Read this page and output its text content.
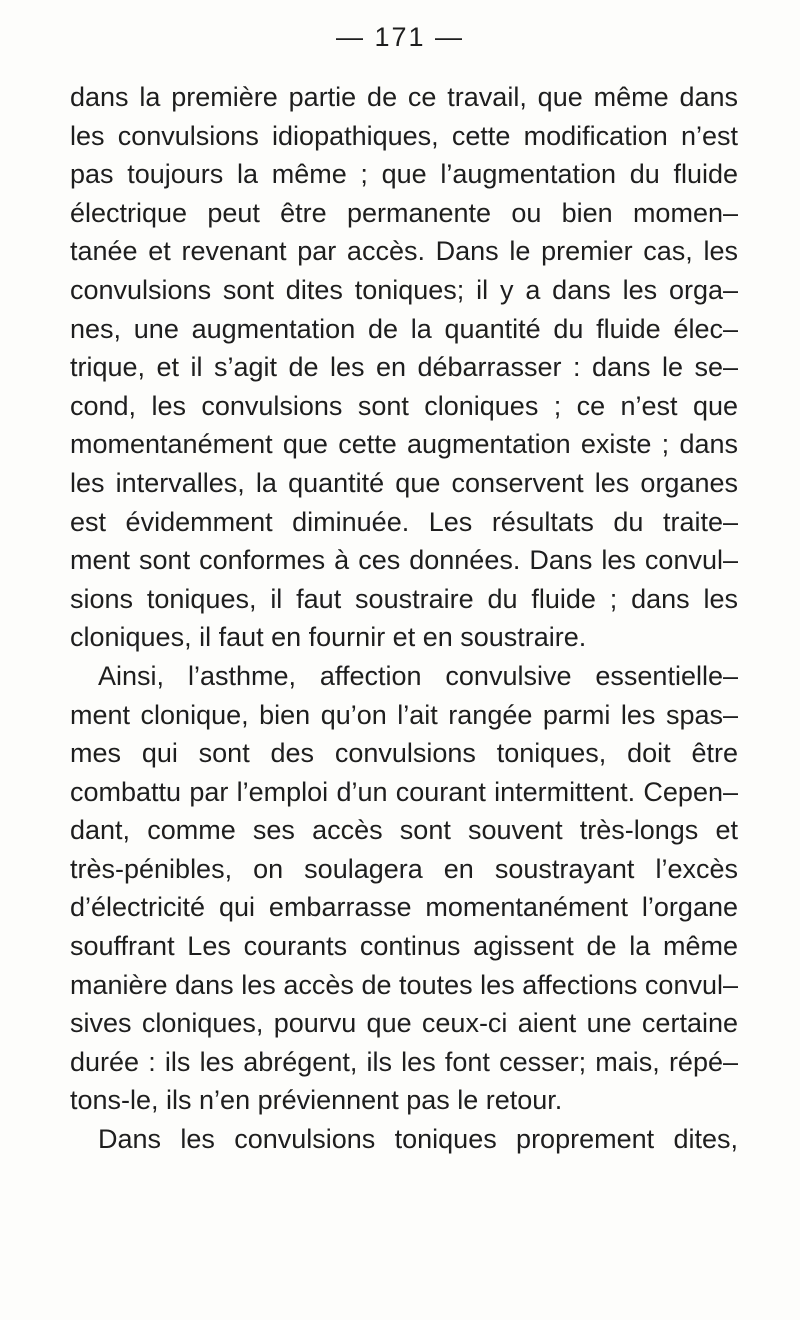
— 171 —
dans la première partie de ce travail, que même dans
les convulsions idiopathiques, cette modification n’est
pas toujours la même ; que l’augmentation du fluide
électrique peut être permanente ou bien momen–
tanée et revenant par accès. Dans le premier cas, les
convulsions sont dites toniques; il y a dans les orga–
nes, une augmentation de la quantité du fluide élec–
trique, et il s’agit de les en débarrasser : dans le se–
cond, les convulsions sont cloniques ; ce n’est que
momentanément que cette augmentation existe ; dans
les intervalles, la quantité que conservent les organes
est évidemment diminuée. Les résultats du traite–
ment sont conformes à ces données. Dans les convul–
sions toniques, il faut soustraire du fluide ; dans les
cloniques, il faut en fournir et en soustraire.
Ainsi, l’asthme, affection convulsive essentielle–
ment clonique, bien qu’on l’ait rangée parmi les spas–
mes qui sont des convulsions toniques, doit être
combattu par l’emploi d’un courant intermittent. Cepen–
dant, comme ses accès sont souvent très-longs et
très-pénibles, on soulagera en soustrayant l’excès
d’électricité qui embarrasse momentanément l’organe
souffrant Les courants continus agissent de la même
manière dans les accès de toutes les affections convul–
sives cloniques, pourvu que ceux-ci aient une certaine
durée : ils les abrégent, ils les font cesser; mais, répé–
tons-le, ils n’en préviennent pas le retour.
Dans les convulsions toniques proprement dites,
